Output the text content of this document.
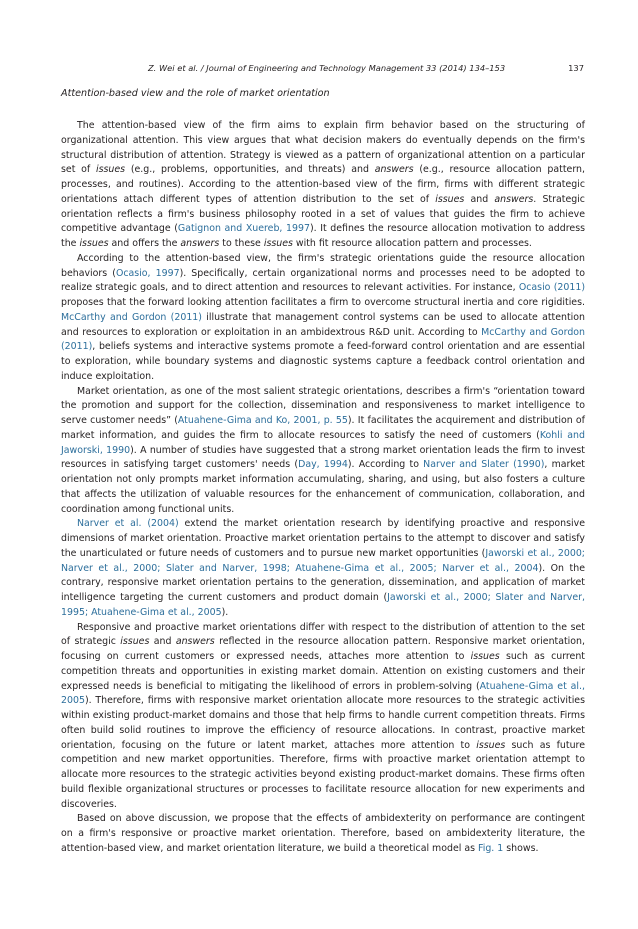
Z. Wei et al. / Journal of Engineering and Technology Management 33 (2014) 134–153	137
Attention-based view and the role of market orientation

The attention-based view of the firm aims to explain firm behavior based on the structuring of organizational attention. This view argues that what decision makers do eventually depends on the firm's structural distribution of attention. Strategy is viewed as a pattern of organizational attention on a particular set of issues (e.g., problems, opportunities, and threats) and answers (e.g., resource allocation pattern, processes, and routines). According to the attention-based view of the firm, firms with different strategic orientations attach different types of attention distribution to the set of issues and answers. Strategic orientation reflects a firm's business philosophy rooted in a set of values that guides the firm to achieve competitive advantage (Gatignon and Xuereb, 1997). It defines the resource allocation motivation to address the issues and offers the answers to these issues with fit resource allocation pattern and processes.

According to the attention-based view, the firm's strategic orientations guide the resource allocation behaviors (Ocasio, 1997). Specifically, certain organizational norms and processes need to be adopted to realize strategic goals, and to direct attention and resources to relevant activities. For instance, Ocasio (2011) proposes that the forward looking attention facilitates a firm to overcome structural inertia and core rigidities. McCarthy and Gordon (2011) illustrate that management control systems can be used to allocate attention and resources to exploration or exploitation in an ambidextrous R&D unit. According to McCarthy and Gordon (2011), beliefs systems and interactive systems promote a feed-forward control orientation and are essential to exploration, while boundary systems and diagnostic systems capture a feedback control orientation and induce exploitation.

Market orientation, as one of the most salient strategic orientations, describes a firm's “orientation toward the promotion and support for the collection, dissemination and responsiveness to market intelligence to serve customer needs” (Atuahene-Gima and Ko, 2001, p. 55). It facilitates the acquirement and distribution of market information, and guides the firm to allocate resources to satisfy the need of customers (Kohli and Jaworski, 1990). A number of studies have suggested that a strong market orientation leads the firm to invest resources in satisfying target customers' needs (Day, 1994). According to Narver and Slater (1990), market orientation not only prompts market information accumulating, sharing, and using, but also fosters a culture that affects the utilization of valuable resources for the enhancement of communication, collaboration, and coordination among functional units.

Narver et al. (2004) extend the market orientation research by identifying proactive and responsive dimensions of market orientation. Proactive market orientation pertains to the attempt to discover and satisfy the unarticulated or future needs of customers and to pursue new market opportunities (Jaworski et al., 2000; Narver et al., 2000; Slater and Narver, 1998; Atuahene-Gima et al., 2005; Narver et al., 2004). On the contrary, responsive market orientation pertains to the generation, dissemination, and application of market intelligence targeting the current customers and product domain (Jaworski et al., 2000; Slater and Narver, 1995; Atuahene-Gima et al., 2005).

Responsive and proactive market orientations differ with respect to the distribution of attention to the set of strategic issues and answers reflected in the resource allocation pattern. Responsive market orientation, focusing on current customers or expressed needs, attaches more attention to issues such as current competition threats and opportunities in existing market domain. Attention on existing customers and their expressed needs is beneficial to mitigating the likelihood of errors in problem-solving (Atuahene-Gima et al., 2005). Therefore, firms with responsive market orientation allocate more resources to the strategic activities within existing product-market domains and those that help firms to handle current competition threats. Firms often build solid routines to improve the efficiency of resource allocations. In contrast, proactive market orientation, focusing on the future or latent market, attaches more attention to issues such as future competition and new market opportunities. Therefore, firms with proactive market orientation attempt to allocate more resources to the strategic activities beyond existing product-market domains. These firms often build flexible organizational structures or processes to facilitate resource allocation for new experiments and discoveries.

Based on above discussion, we propose that the effects of ambidexterity on performance are contingent on a firm's responsive or proactive market orientation. Therefore, based on ambidexterity literature, the attention-based view, and market orientation literature, we build a theoretical model as Fig. 1 shows.
